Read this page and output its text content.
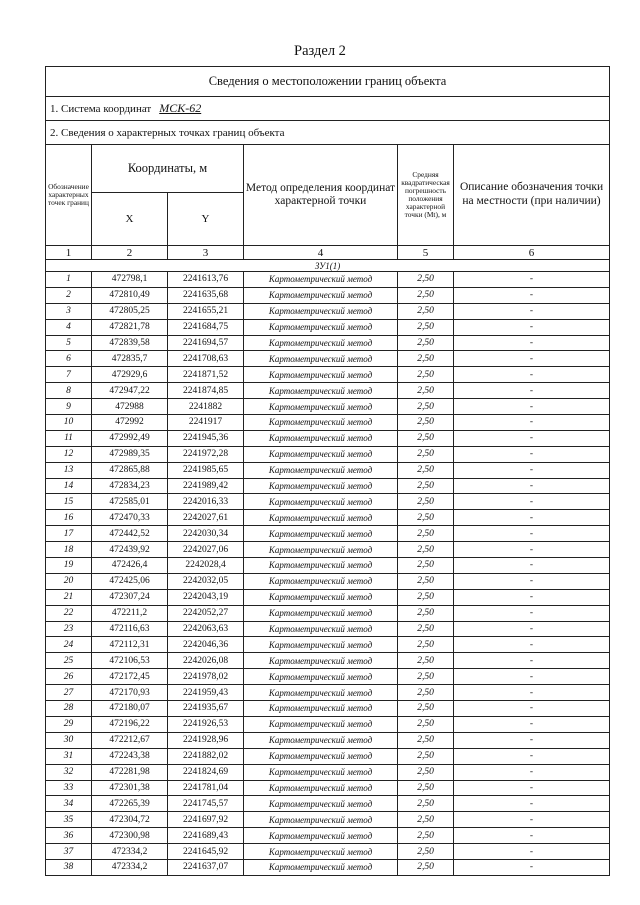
Раздел 2
Сведения о местоположении границ объекта					
1. Система координат МСК-62					
2. Сведения о характерных точках границ объекта					
Обозначение характерных точек границ	Координаты, м		Метод определения координат характерной точки	Средняя квадратическая погрешность положения характерной точки (Mt), м	Описание обозначения точки на местности (при наличии)
	X	Y			
1	2	3	4	5	6
ЗУ1(1)					
1	472798,1	2241613,76	Картометрический метод	2,50	-
2	472810,49	2241635,68	Картометрический метод	2,50	-
3	472805,25	2241655,21	Картометрический метод	2,50	-
4	472821,78	2241684,75	Картометрический метод	2,50	-
5	472839,58	2241694,57	Картометрический метод	2,50	-
6	472835,7	2241708,63	Картометрический метод	2,50	-
7	472929,6	2241871,52	Картометрический метод	2,50	-
8	472947,22	2241874,85	Картометрический метод	2,50	-
9	472988	2241882	Картометрический метод	2,50	-
10	472992	2241917	Картометрический метод	2,50	-
11	472992,49	2241945,36	Картометрический метод	2,50	-
12	472989,35	2241972,28	Картометрический метод	2,50	-
13	472865,88	2241985,65	Картометрический метод	2,50	-
14	472834,23	2241989,42	Картометрический метод	2,50	-
15	472585,01	2242016,33	Картометрический метод	2,50	-
16	472470,33	2242027,61	Картометрический метод	2,50	-
17	472442,52	2242030,34	Картометрический метод	2,50	-
18	472439,92	2242027,06	Картометрический метод	2,50	-
19	472426,4	2242028,4	Картометрический метод	2,50	-
20	472425,06	2242032,05	Картометрический метод	2,50	-
21	472307,24	2242043,19	Картометрический метод	2,50	-
22	472211,2	2242052,27	Картометрический метод	2,50	-
23	472116,63	2242063,63	Картометрический метод	2,50	-
24	472112,31	2242046,36	Картометрический метод	2,50	-
25	472106,53	2242026,08	Картометрический метод	2,50	-
26	472172,45	2241978,02	Картометрический метод	2,50	-
27	472170,93	2241959,43	Картометрический метод	2,50	-
28	472180,07	2241935,67	Картометрический метод	2,50	-
29	472196,22	2241926,53	Картометрический метод	2,50	-
30	472212,67	2241928,96	Картометрический метод	2,50	-
31	472243,38	2241882,02	Картометрический метод	2,50	-
32	472281,98	2241824,69	Картометрический метод	2,50	-
33	472301,38	2241781,04	Картометрический метод	2,50	-
34	472265,39	2241745,57	Картометрический метод	2,50	-
35	472304,72	2241697,92	Картометрический метод	2,50	-
36	472300,98	2241689,43	Картометрический метод	2,50	-
37	472334,2	2241645,92	Картометрический метод	2,50	-
38	472334,2	2241637,07	Картометрический метод	2,50	-
